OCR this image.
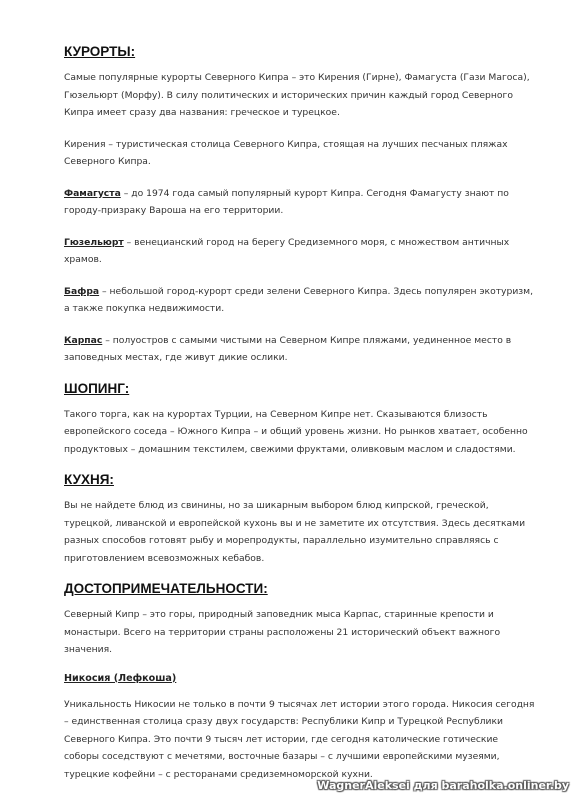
КУРОРТЫ:

Самые популярные курорты Северного Кипра – это Кирения (Гирне), Фамагуста (Гази Магоса), Гюзельюрт (Морфу). В силу политических и исторических причин каждый город Северного Кипра имеет сразу два названия: греческое и турецкое.

Кирения – туристическая столица Северного Кипра, стоящая на лучших песчаных пляжах Северного Кипра.

Фамагуста – до 1974 года самый популярный курорт Кипра. Сегодня Фамагусту знают по городу-призраку Вароша на его территории.

Гюзельюрт – венецианский город на берегу Средиземного моря, с множеством античных храмов.

Бафра – небольшой город-курорт среди зелени Северного Кипра. Здесь популярен экотуризм, а также покупка недвижимости.

Карпас – полуостров с самыми чистыми на Северном Кипре пляжами, уединенное место в заповедных местах, где живут дикие ослики.

ШОПИНГ:

Такого торга, как на курортах Турции, на Северном Кипре нет. Сказываются близость европейского соседа – Южного Кипра – и общий уровень жизни. Но рынков хватает, особенно продуктовых – домашним текстилем, свежими фруктами, оливковым маслом и сладостями.

КУХНЯ:

Вы не найдете блюд из свинины, но за шикарным выбором блюд кипрской, греческой, турецкой, ливанской и европейской кухонь вы и не заметите их отсутствия. Здесь десятками разных способов готовят рыбу и морепродукты, параллельно изумительно справляясь с приготовлением всевозможных кебабов.

ДОСТОПРИМЕЧАТЕЛЬНОСТИ:

Северный Кипр – это горы, природный заповедник мыса Карпас, старинные крепости и монастыри. Всего на территории страны расположены 21 исторический объект важного значения.

Никосия (Лефкоша)

Уникальность Никосии не только в почти 9 тысячах лет истории этого города. Никосия сегодня – единственная столица сразу двух государств: Республики Кипр и Турецкой Республики Северного Кипра. Это почти 9 тысяч лет истории, где сегодня католические готические соборы соседствуют с мечетями, восточные базары – с лучшими европейскими музеями, турецкие кофейни – с ресторанами средиземноморской кухни.

WagnerAleksei для baraholka.onliner.by
